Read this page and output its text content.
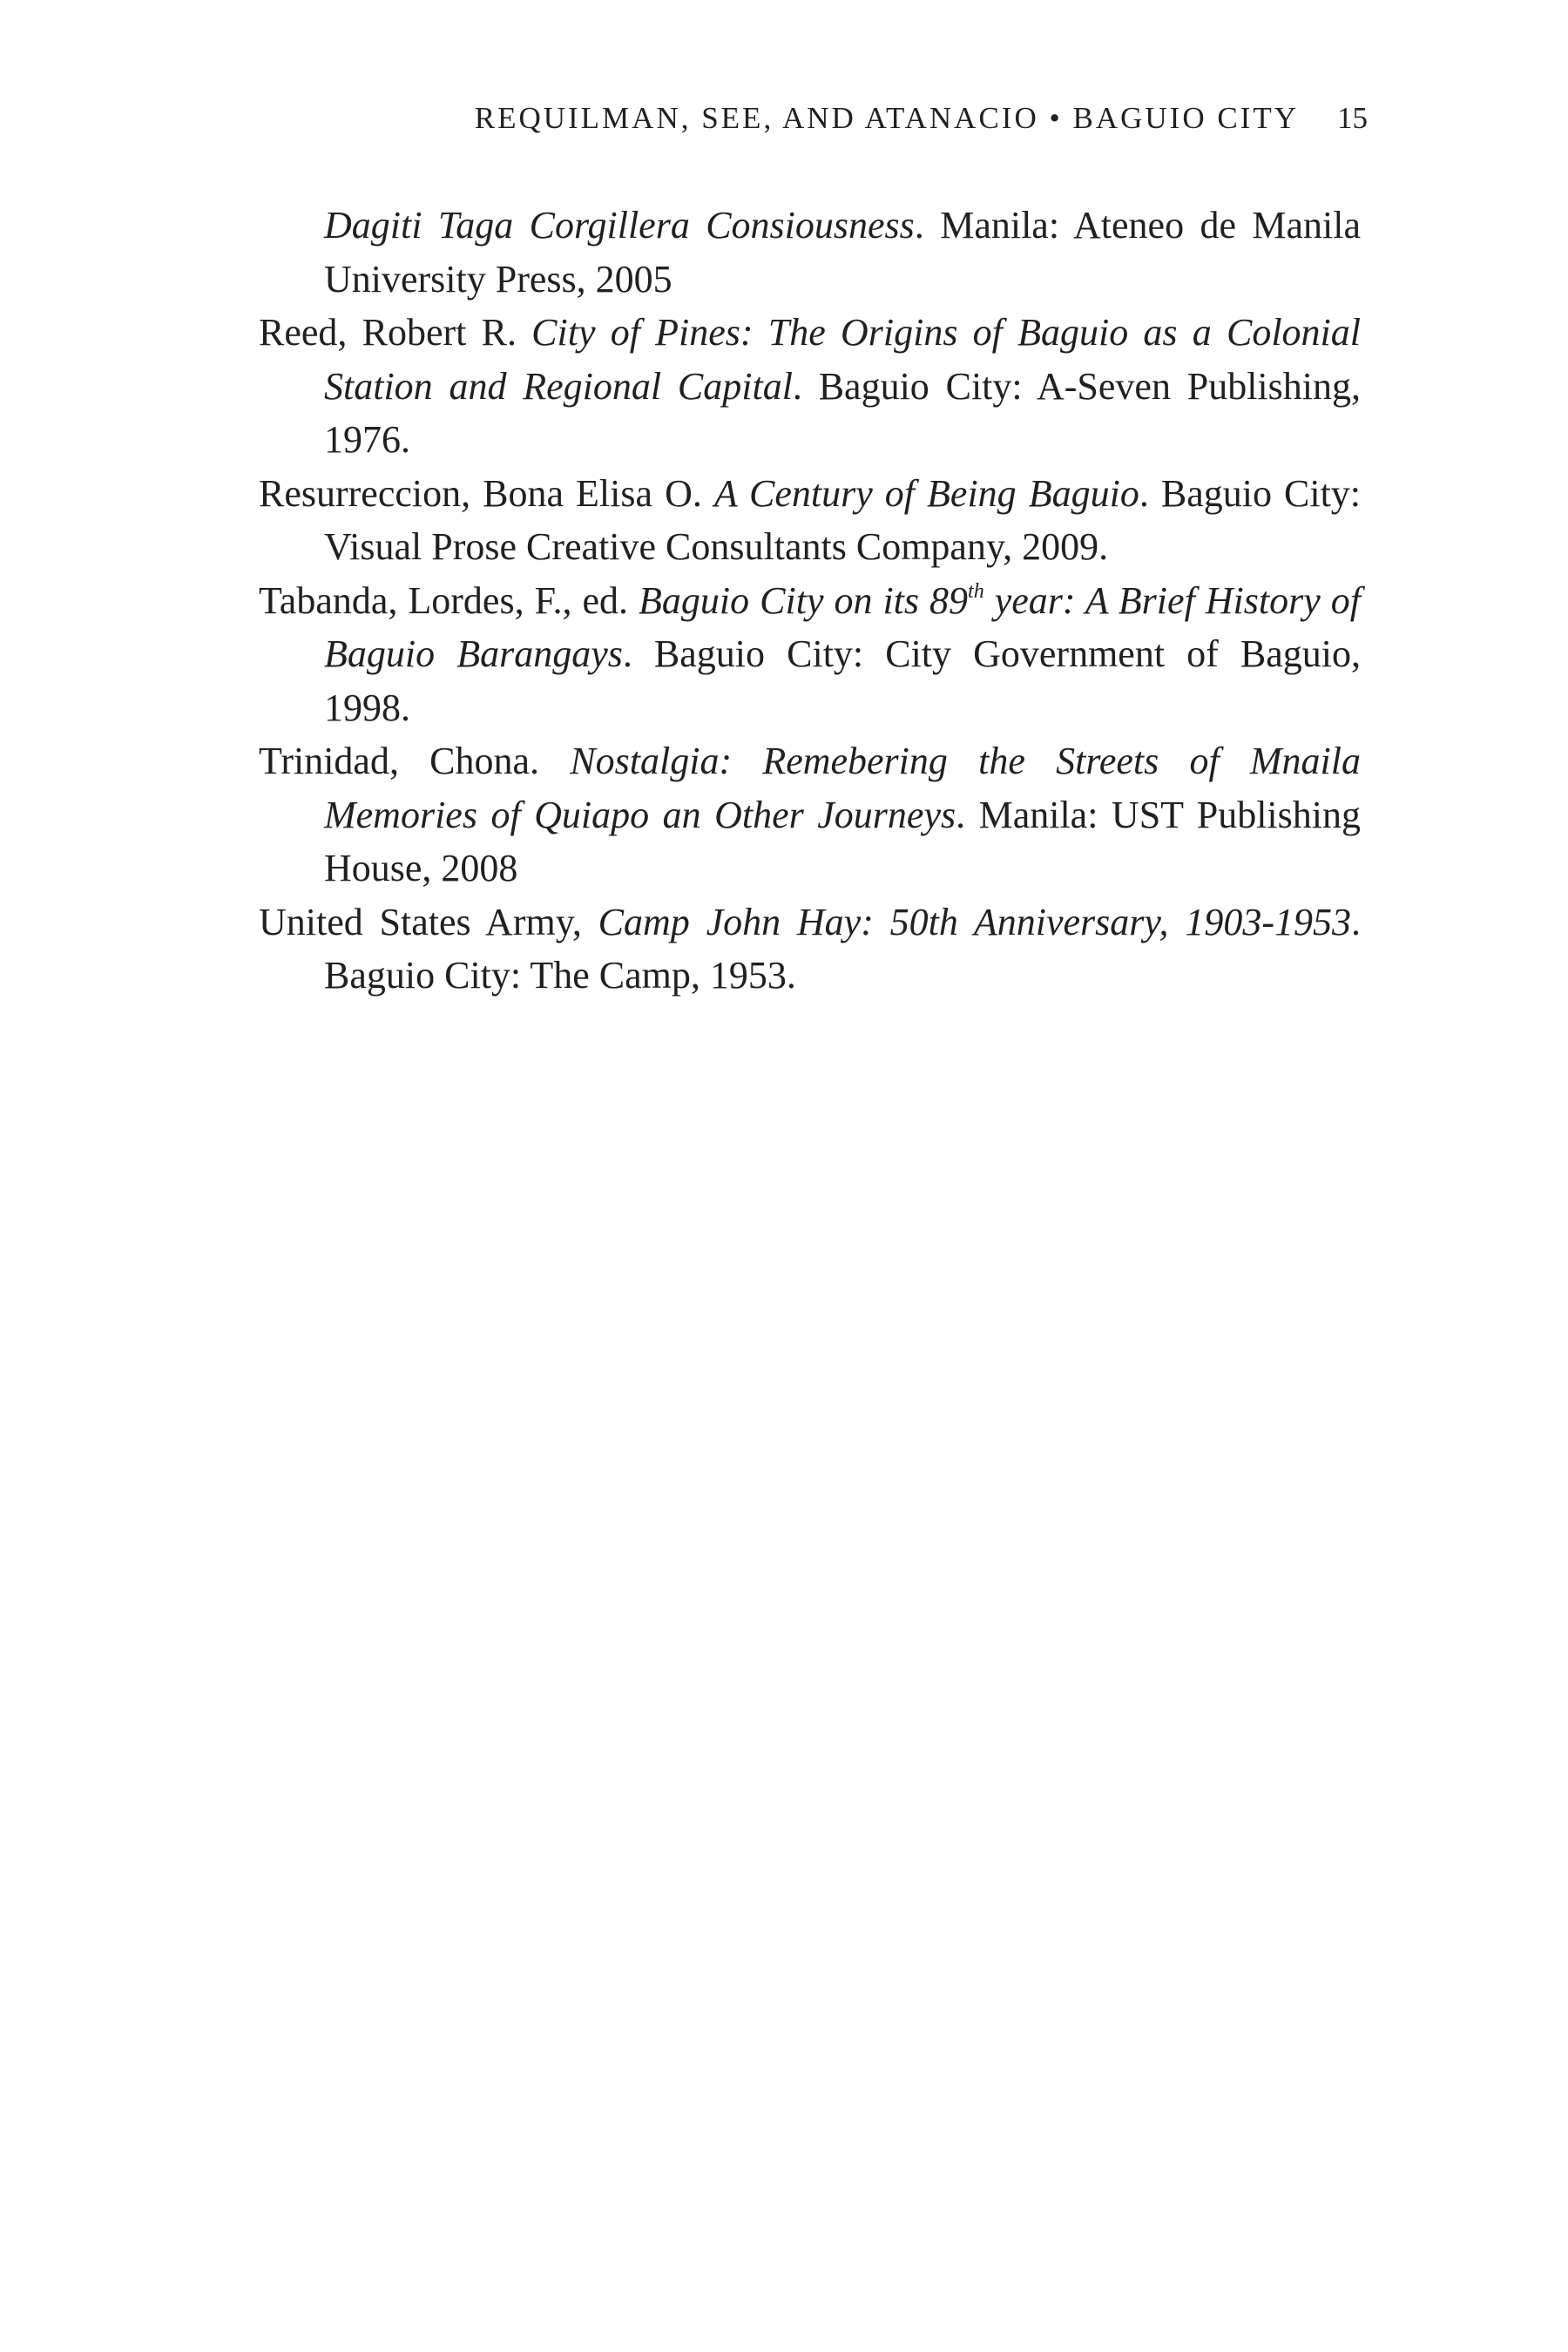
REQUILMAN, SEE, AND ATANACIO • BAGUIO CITY 15

Dagiti Taga Corgillera Consiousness. Manila: Ateneo de Manila University Press, 2005

Reed, Robert R. City of Pines: The Origins of Baguio as a Colonial Station and Regional Capital. Baguio City: A-Seven Publishing, 1976.

Resurreccion, Bona Elisa O. A Century of Being Baguio. Baguio City: Visual Prose Creative Consultants Company, 2009.

Tabanda, Lordes, F., ed. Baguio City on its 89th year: A Brief History of Baguio Barangays. Baguio City: City Government of Baguio, 1998.

Trinidad, Chona. Nostalgia: Remebering the Streets of Mnaila Memories of Quiapo an Other Journeys. Manila: UST Publishing House, 2008

United States Army, Camp John Hay: 50th Anniversary, 1903-1953. Baguio City: The Camp, 1953.
